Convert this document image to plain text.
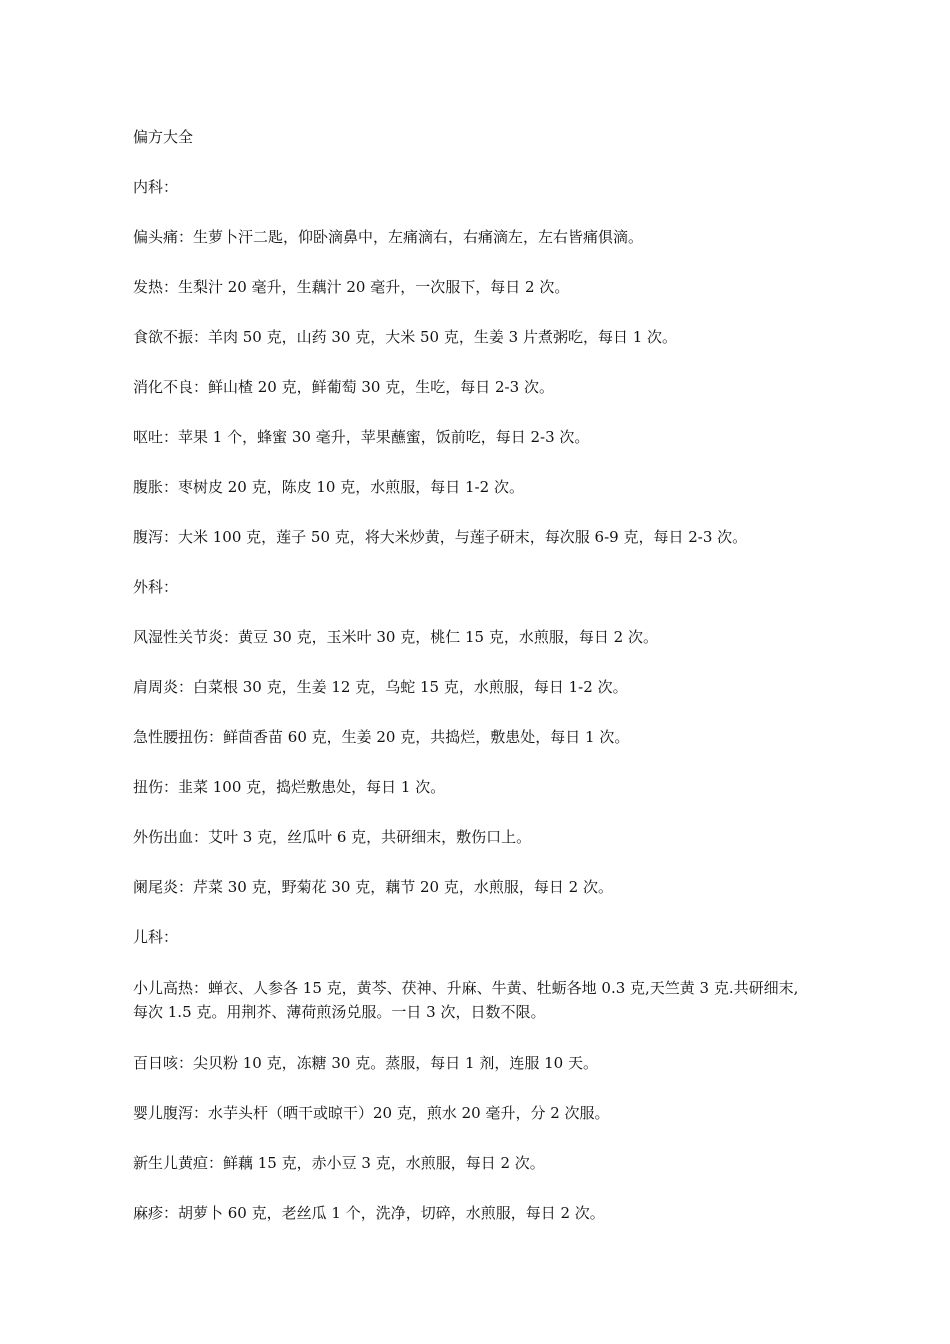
偏方大全

内科：

偏头痛：生萝卜汗二匙，仰卧滴鼻中，左痛滴右，右痛滴左，左右皆痛俱滴。

发热：生梨汁 20 毫升，生藕汁 20 毫升，一次服下，每日 2 次。

食欲不振：羊肉 50 克，山药 30 克，大米 50 克，生姜 3 片煮粥吃，每日 1 次。

消化不良：鲜山楂 20 克，鲜葡萄 30 克，生吃，每日 2-3 次。

呕吐：苹果 1 个，蜂蜜 30 毫升，苹果蘸蜜，饭前吃，每日 2-3 次。

腹胀：枣树皮 20 克，陈皮 10 克，水煎服，每日 1-2 次。

腹泻：大米 100 克，莲子 50 克，将大米炒黄，与莲子研末，每次服 6-9 克，每日 2-3 次。

外科：

风湿性关节炎：黄豆 30 克，玉米叶 30 克，桃仁 15 克，水煎服，每日 2 次。

肩周炎：白菜根 30 克，生姜 12 克，乌蛇 15 克，水煎服，每日 1-2 次。

急性腰扭伤：鲜茴香苗 60 克，生姜 20 克，共捣烂，敷患处，每日 1 次。

扭伤：韭菜 100 克，捣烂敷患处，每日 1 次。

外伤出血：艾叶 3 克，丝瓜叶 6 克，共研细末，敷伤口上。

阑尾炎：芹菜 30 克，野菊花 30 克，藕节 20 克，水煎服，每日 2 次。

儿科：

小儿高热：蝉衣、人参各 15 克，黄芩、茯神、升麻、牛黄、牡蛎各地 0.3 克,天竺黄 3 克.共研细末,每次 1.5 克。用荆芥、薄荷煎汤兑服。一日 3 次，日数不限。

百日咳：尖贝粉 10 克，冻糖 30 克。蒸服，每日 1 剂，连服 10 天。

婴儿腹泻：水芋头杆（晒干或晾干）20 克，煎水 20 毫升，分 2 次服。

新生儿黄疸：鲜藕 15 克，赤小豆 3 克，水煎服，每日 2 次。

麻疹：胡萝卜 60 克，老丝瓜 1 个，洗净，切碎，水煎服，每日 2 次。
